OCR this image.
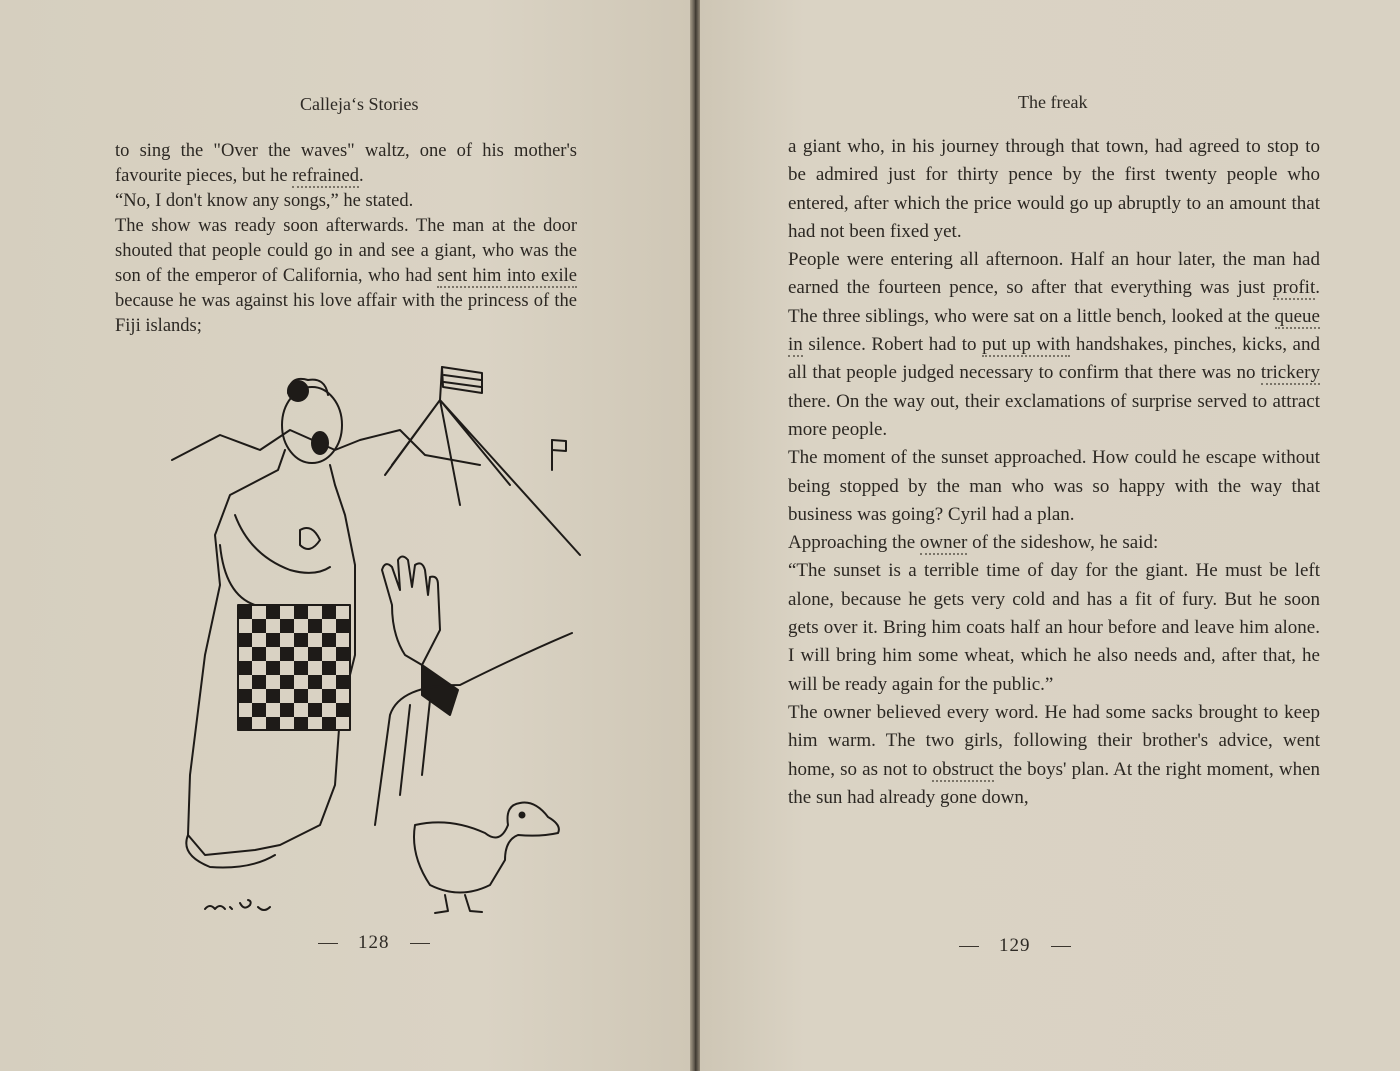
Calleja‘s Stories

to sing the "Over the waves" waltz, one of his mother's favourite pieces, but he refrained.

“No, I don't know any songs,” he stated.

The show was ready soon afterwards. The man at the door shouted that people could go in and see a giant, who was the son of the emperor of California, who had sent him into exile because he was against his love affair with the princess of the Fiji islands;

128
The freak
129

a giant who, in his journey through that town, had agreed to stop to be admired just for thirty pence by the first twenty people who entered, after which the price would go up abruptly to an amount that had not been fixed yet.

People were entering all afternoon. Half an hour later, the man had earned the fourteen pence, so after that everything was just profit. The three siblings, who were sat on a little bench, looked at the queue in silence. Robert had to put up with handshakes, pinches, kicks, and all that people judged necessary to confirm that there was no trickery there. On the way out, their exclamations of surprise served to attract more people.

The moment of the sunset approached. How could he escape without being stopped by the man who was so happy with the way that business was going? Cyril had a plan.

Approaching the owner of the sideshow, he said:

“The sunset is a terrible time of day for the giant. He must be left alone, because he gets very cold and has a fit of fury. But he soon gets over it. Bring him coats half an hour before and leave him alone. I will bring him some wheat, which he also needs and, after that, he will be ready again for the public.”

The owner believed every word. He had some sacks brought to keep him warm. The two girls, following their brother's advice, went home, so as not to obstruct the boys' plan. At the right moment, when the sun had already gone down,
